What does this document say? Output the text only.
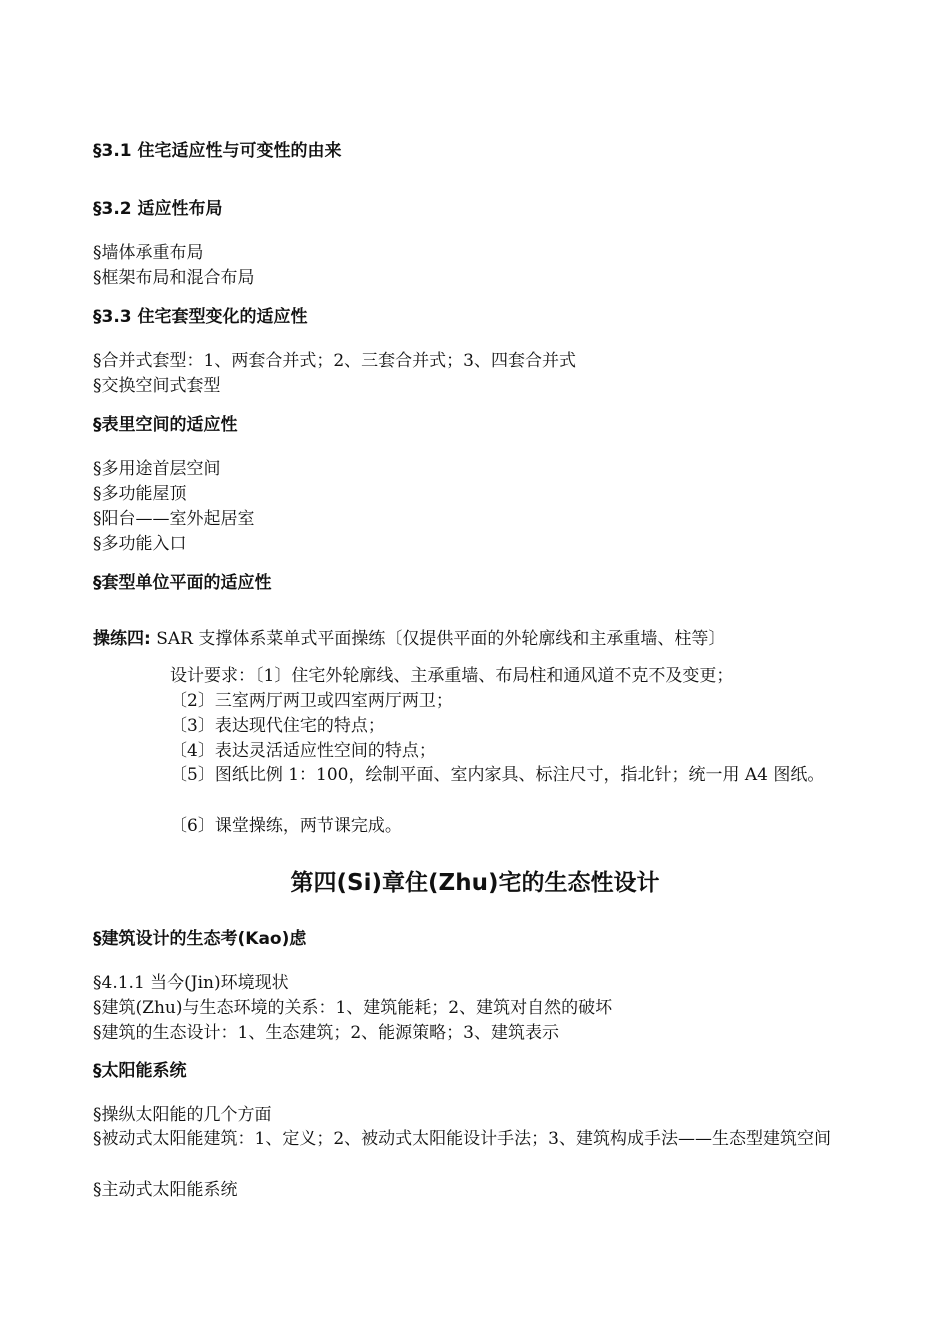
§3.1 住宅适应性与可变性的由来
§3.2 适应性布局
§墙体承重布局
§框架布局和混合布局
§3.3 住宅套型变化的适应性
§合并式套型：1、两套合并式；2、三套合并式；3、四套合并式
§交换空间式套型
§表里空间的适应性
§多用途首层空间
§多功能屋顶
§阳台——室外起居室
§多功能入口
§套型单位平面的适应性
操练四: SAR 支撑体系菜单式平面操练〔仅提供平面的外轮廓线和主承重墙、柱等〕
设计要求：〔1〕住宅外轮廓线、主承重墙、布局柱和通风道不克不及变更；
〔2〕三室两厅两卫或四室两厅两卫；
〔3〕表达现代住宅的特点；
〔4〕表达灵活适应性空间的特点；
〔5〕图纸比例 1：100，绘制平面、室内家具、标注尺寸，指北针；统一用 A4 图纸。
〔6〕课堂操练，两节课完成。
第四(Si)章住(Zhu)宅的生态性设计
§建筑设计的生态考(Kao)虑
§4.1.1 当今(Jin)环境现状
§建筑(Zhu)与生态环境的关系：1、建筑能耗；2、建筑对自然的破坏
§建筑的生态设计：1、生态建筑；2、能源策略；3、建筑表示
§太阳能系统
§操纵太阳能的几个方面
§被动式太阳能建筑：1、定义；2、被动式太阳能设计手法；3、建筑构成手法——生态型建筑空间
§主动式太阳能系统
